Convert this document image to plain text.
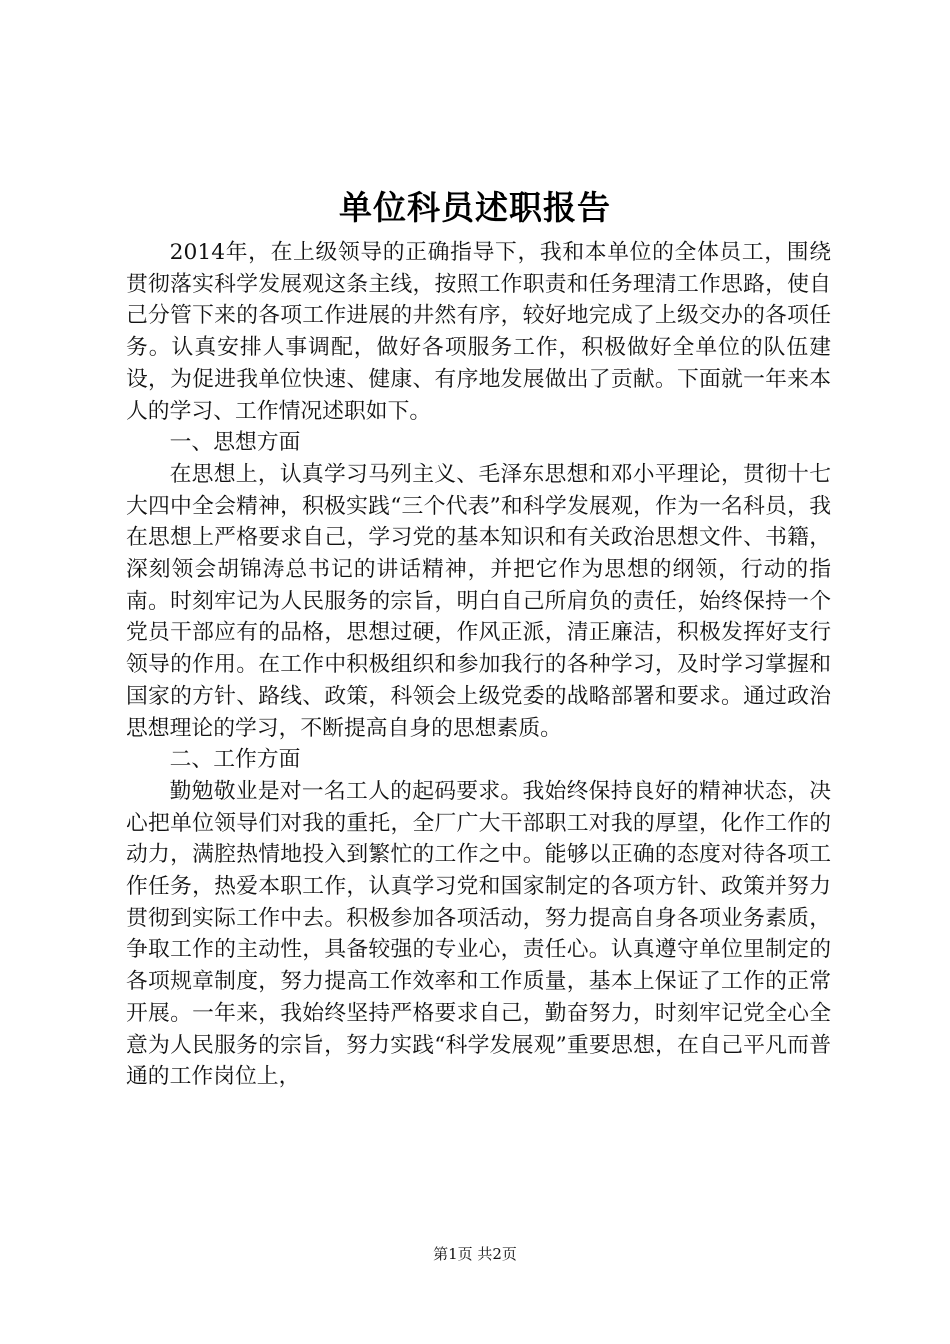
单位科员述职报告

2014年，在上级领导的正确指导下，我和本单位的全体员工，围绕贯彻落实科学发展观这条主线，按照工作职责和任务理清工作思路，使自己分管下来的各项工作进展的井然有序，较好地完成了上级交办的各项任务。认真安排人事调配，做好各项服务工作，积极做好全单位的队伍建设，为促进我单位快速、健康、有序地发展做出了贡献。下面就一年来本人的学习、工作情况述职如下。

一、思想方面

在思想上，认真学习马列主义、毛泽东思想和邓小平理论，贯彻十七大四中全会精神，积极实践“三个代表”和科学发展观，作为一名科员，我在思想上严格要求自己，学习党的基本知识和有关政治思想文件、书籍，深刻领会胡锦涛总书记的讲话精神，并把它作为思想的纲领，行动的指南。时刻牢记为人民服务的宗旨，明白自己所肩负的责任，始终保持一个党员干部应有的品格，思想过硬，作风正派，清正廉洁，积极发挥好支行领导的作用。在工作中积极组织和参加我行的各种学习，及时学习掌握和国家的方针、路线、政策，科领会上级党委的战略部署和要求。通过政治思想理论的学习，不断提高自身的思想素质。

二、工作方面

勤勉敬业是对一名工人的起码要求。我始终保持良好的精神状态，决心把单位领导们对我的重托，全厂广大干部职工对我的厚望，化作工作的动力，满腔热情地投入到繁忙的工作之中。能够以正确的态度对待各项工作任务，热爱本职工作，认真学习党和国家制定的各项方针、政策并努力贯彻到实际工作中去。积极参加各项活动，努力提高自身各项业务素质，争取工作的主动性，具备较强的专业心，责任心。认真遵守单位里制定的各项规章制度，努力提高工作效率和工作质量，基本上保证了工作的正常开展。一年来，我始终坚持严格要求自己，勤奋努力，时刻牢记党全心全意为人民服务的宗旨，努力实践“科学发展观”重要思想，在自己平凡而普通的工作岗位上，

第1页 共2页
